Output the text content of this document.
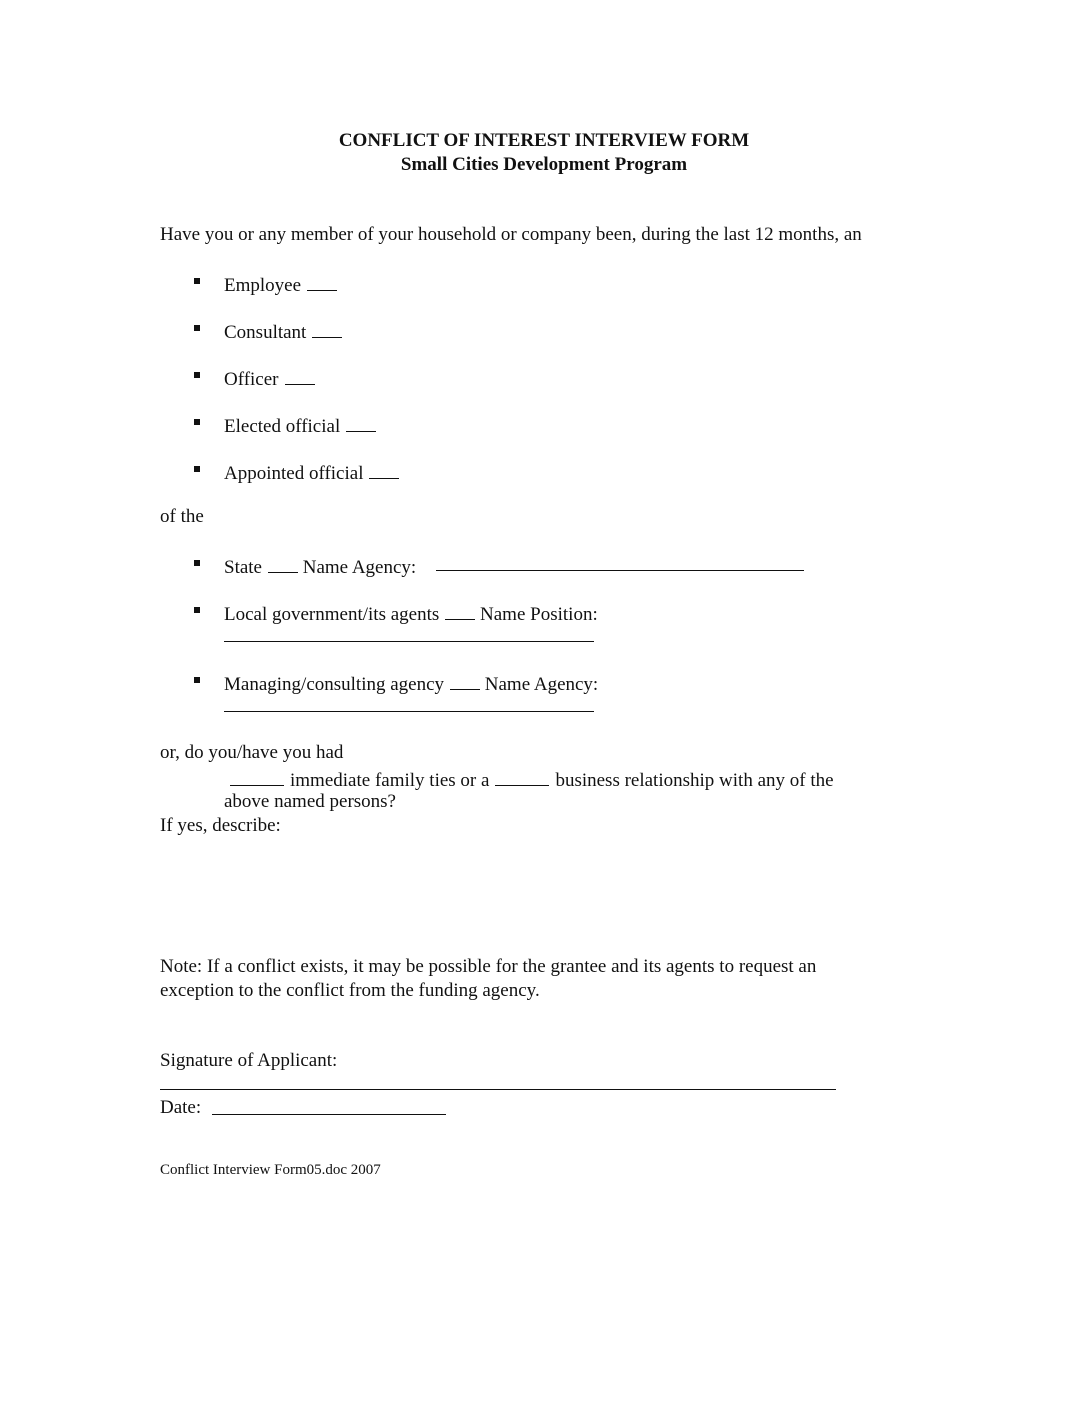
CONFLICT OF INTEREST INTERVIEW FORM
Small Cities Development Program
Have you or any member of your household or company been, during the last 12 months, an
Employee
Consultant
Officer
Elected official
Appointed official
of the
State Name Agency:
Local government/its agents Name Position:
Managing/consulting agency Name Agency:
or, do you/have you had
immediate family ties or a	business relationship with any of the
above named persons?
If yes, describe:
Note: If a conflict exists, it may be possible for the grantee and its agents to request an
exception to the conflict from the funding agency.
Signature of Applicant:
Date:
Conflict Interview Form05.doc 2007
